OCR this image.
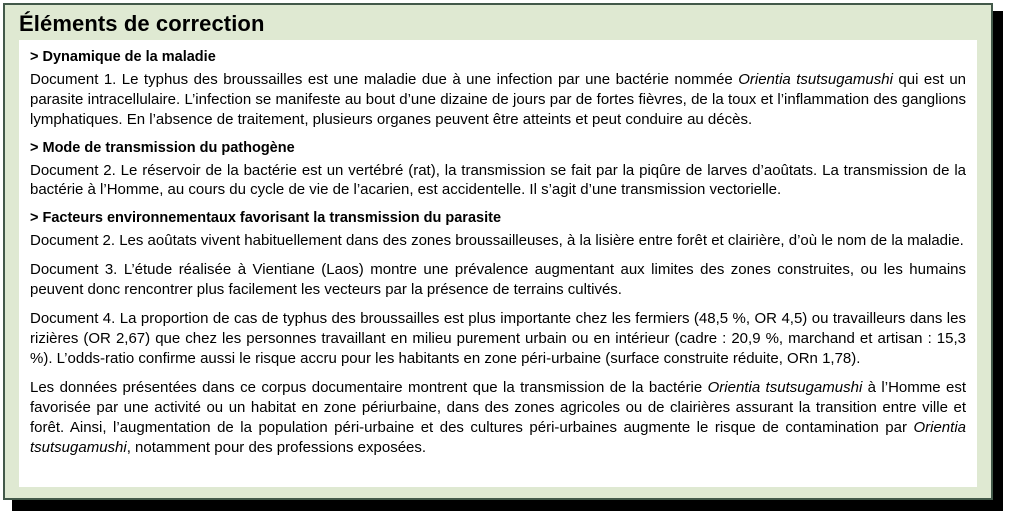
Éléments de correction
> Dynamique de la maladie

Document 1. Le typhus des broussailles est une maladie due à une infection par une bactérie nommée Orientia tsutsugamushi qui est un parasite intracellulaire. L’infection se manifeste au bout d’une dizaine de jours par de fortes fièvres, de la toux et l’inflammation des ganglions lymphatiques. En l’absence de traitement, plusieurs organes peuvent être atteints et peut conduire au décès.

> Mode de transmission du pathogène

Document 2. Le réservoir de la bactérie est un vertébré (rat), la transmission se fait par la piqûre de larves d’aoûtats. La transmission de la bactérie à l’Homme, au cours du cycle de vie de l’acarien, est accidentelle. Il s’agit d’une transmission vectorielle.

> Facteurs environnementaux favorisant la transmission du parasite

Document 2. Les aoûtats vivent habituellement dans des zones broussailleuses, à la lisière entre forêt et clairière, d’où le nom de la maladie.

Document 3. L’étude réalisée à Vientiane (Laos) montre une prévalence augmentant aux limites des zones construites, ou les humains peuvent donc rencontrer plus facilement les vecteurs par la présence de terrains cultivés.

Document 4. La proportion de cas de typhus des broussailles est plus importante chez les fermiers (48,5 %, OR 4,5) ou travailleurs dans les rizières (OR 2,67) que chez les personnes travaillant en milieu purement urbain ou en intérieur (cadre : 20,9 %, marchand et artisan : 15,3 %). L’odds-ratio confirme aussi le risque accru pour les habitants en zone péri-urbaine (surface construite réduite, ORn 1,78).

Les données présentées dans ce corpus documentaire montrent que la transmission de la bactérie Orientia tsutsugamushi à l’Homme est favorisée par une activité ou un habitat en zone périurbaine, dans des zones agricoles ou de clairières assurant la transition entre ville et forêt. Ainsi, l’augmentation de la population péri-urbaine et des cultures péri-urbaines augmente le risque de contamination par Orientia tsutsugamushi, notamment pour des professions exposées.
